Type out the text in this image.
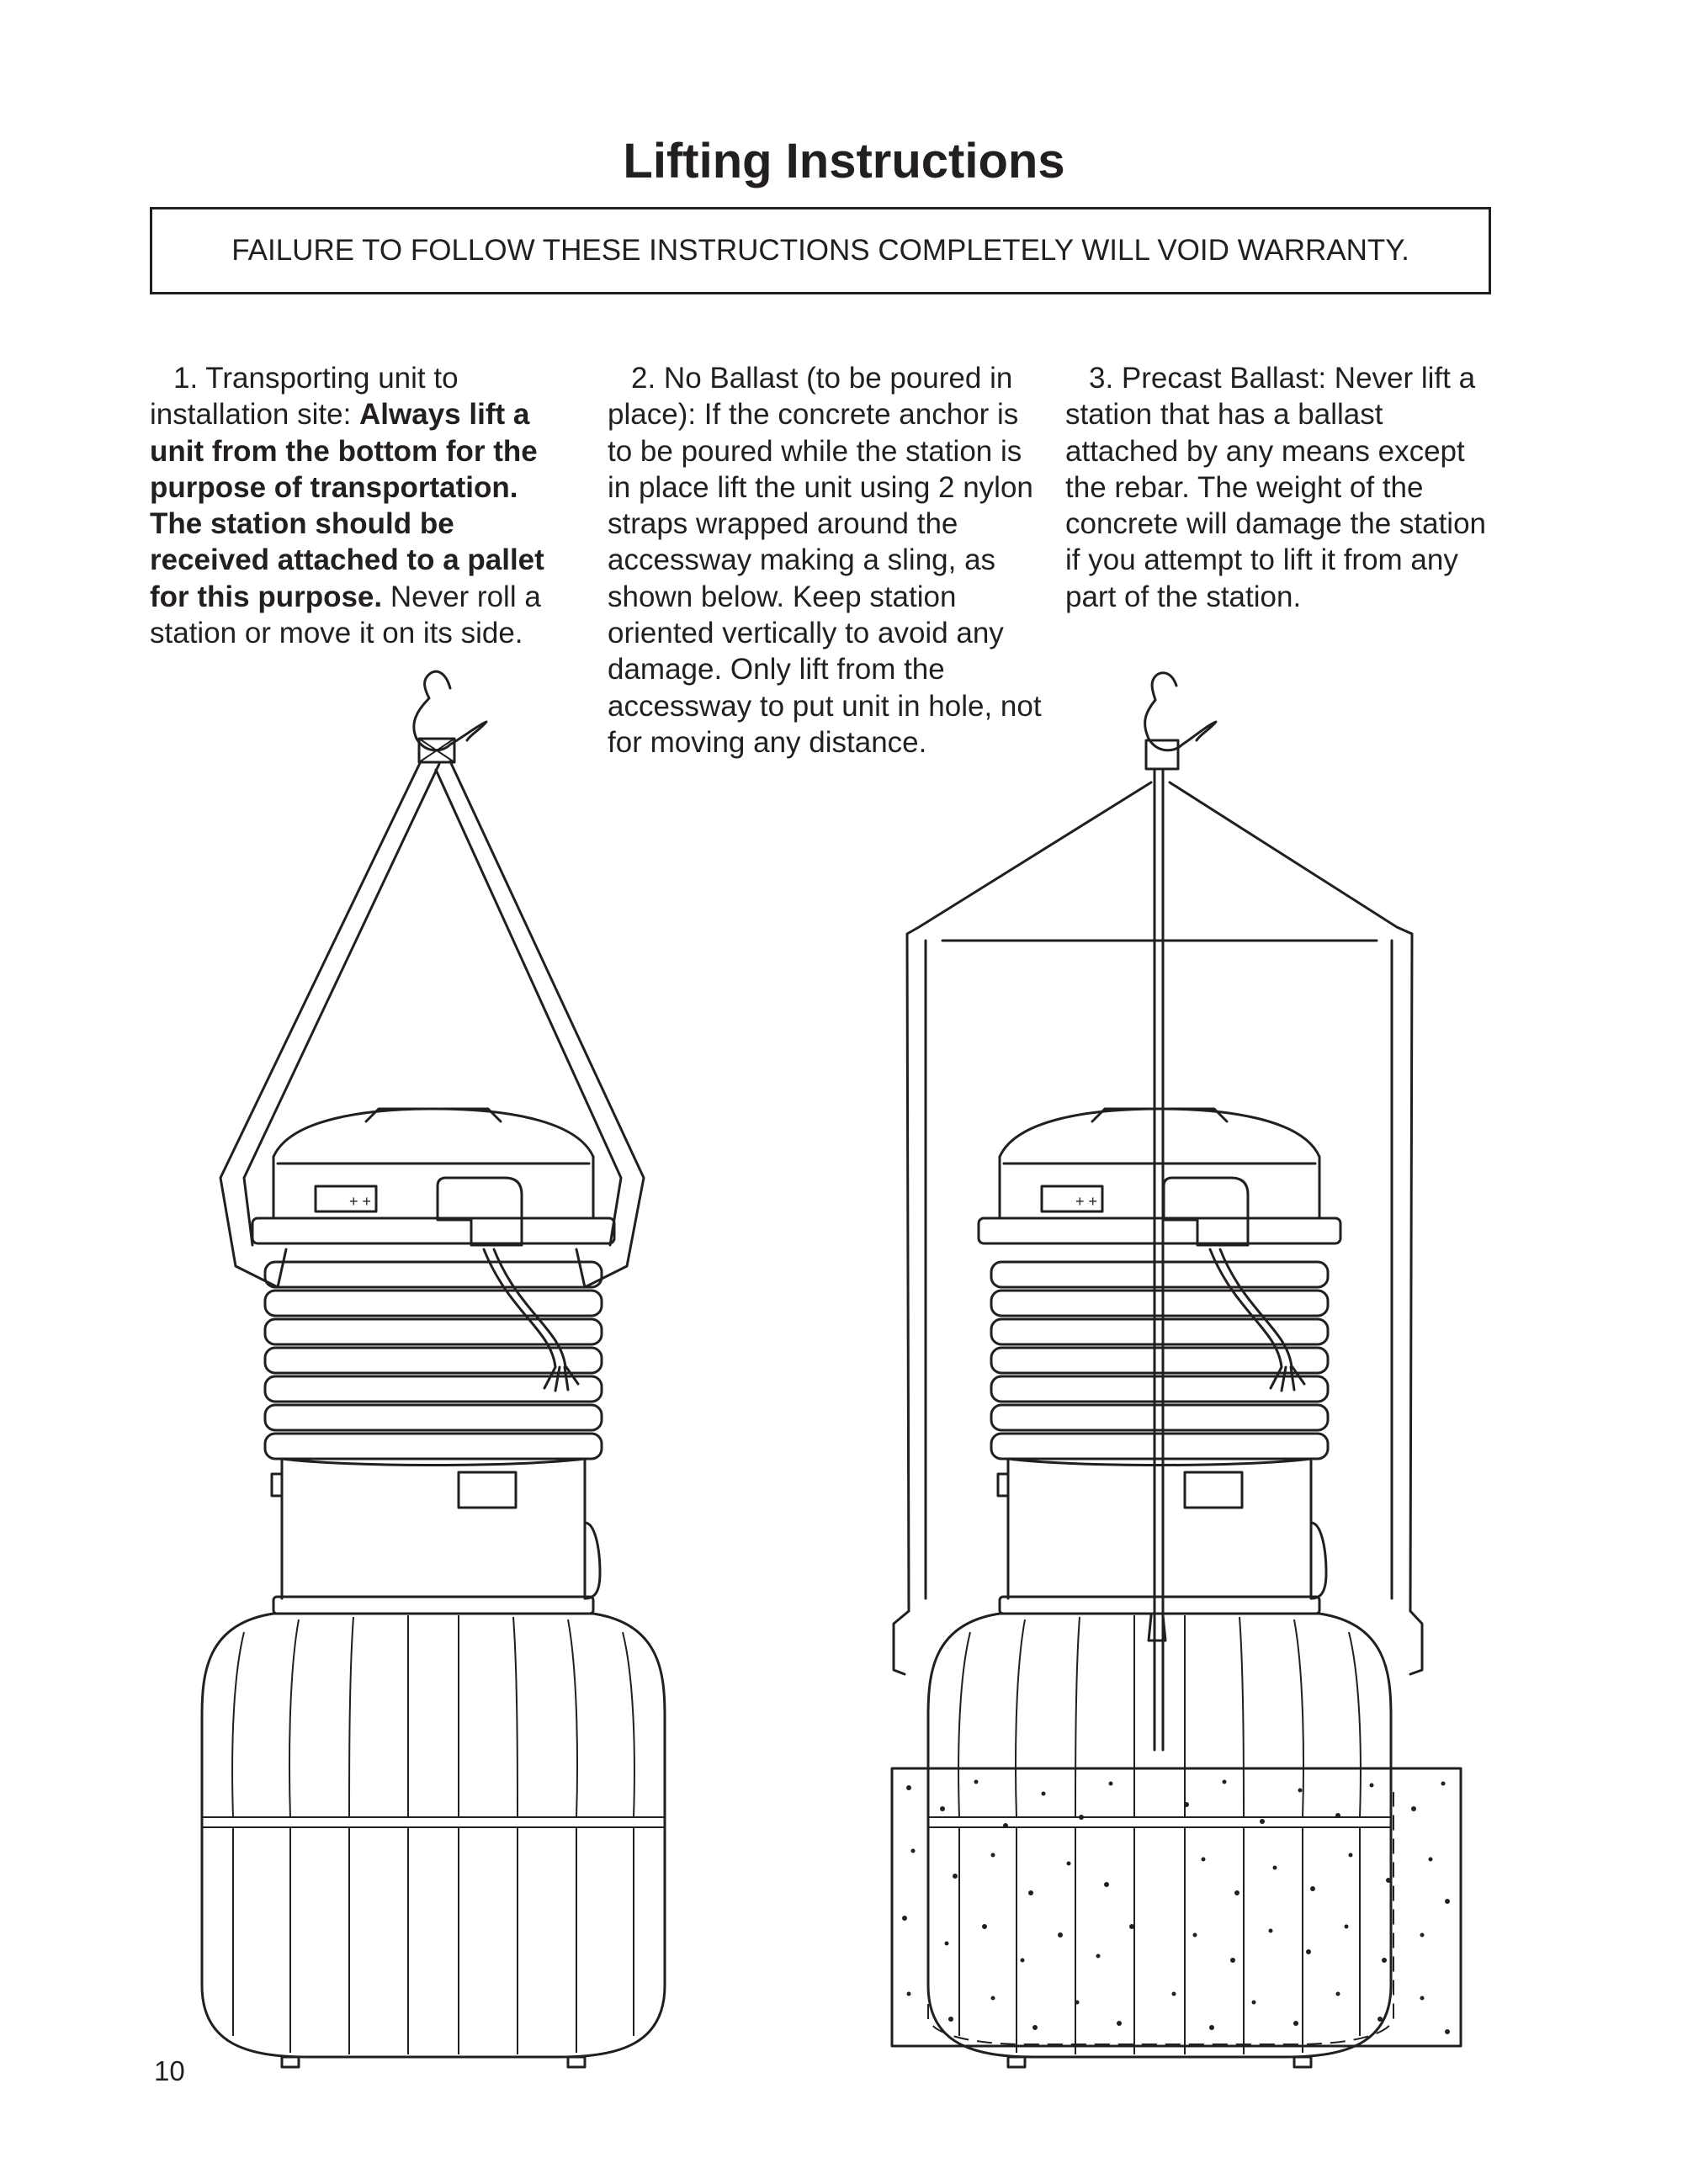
Lifting Instructions
FAILURE TO FOLLOW THESE INSTRUCTIONS COMPLETELY WILL VOID WARRANTY.

1. Transporting unit to installation site: Always lift a unit from the bottom for the purpose of transportation. The station should be received attached to a pallet for this purpose. Never roll a station or move it on its side.

2. No Ballast (to be poured in place): If the concrete anchor is to be poured while the station is in place lift the unit using 2 nylon straps wrapped around the accessway making a sling, as shown below. Keep station oriented vertically to avoid any damage. Only lift from the accessway to put unit in hole, not for moving any distance.

3. Precast Ballast: Never lift a station that has a ballast attached by any means except the rebar. The weight of the concrete will damage the station if you attempt to lift it from any part of the station.

+ +	+ +
10
